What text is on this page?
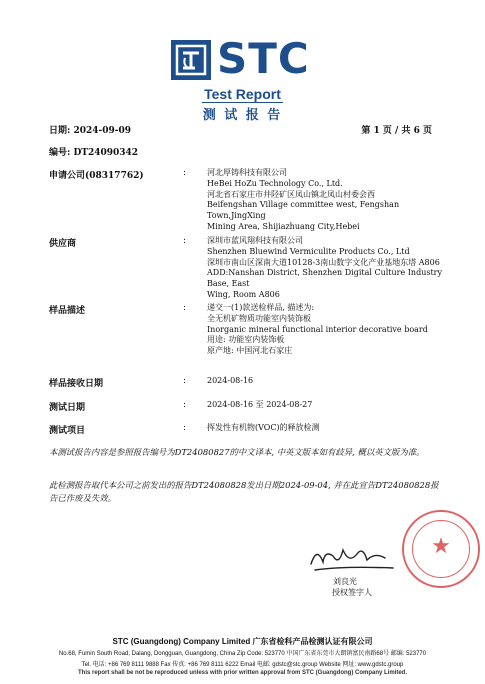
STC
Test Report
测 试 报 告
日期: 2024-09-09	第 1 页 / 共 6 页
编号: DT24090342
申请公司(08317762)	:	河北厚铸科技有限公司
HeBei HoZu Technology Co., Ltd.
河北省石家庄市井陉矿区凤山镇北凤山村委会西
Beifengshan Village committee west, Fengshan Town,JingXing
Mining Area, Shijiazhuang City,Hebei
供应商	:	深圳市蓝风翔科技有限公司
Shenzhen Bluewind Vermiculite Products Co., Ltd
深圳市南山区深南大道10128-3南山数字文化产业基地东塔 A806
ADD:Nanshan District, Shenzhen Digital Culture Industry Base, East
Wing, Room A806
样品描述	:	递交一(1)款送检样品, 描述为:
全无机矿物质功能室内装饰板
Inorganic mineral functional interior decorative board
用途: 功能室内装饰板
原产地: 中国河北石家庄
样品接收日期	:	2024-08-16
测试日期	:	2024-08-16 至 2024-08-27
测试项目	:	挥发性有机物(VOC)的释放检测
本测试报告内容是参照报告编号为DT24080827的中文译本, 中英文版本如有歧异, 概以英文版为准。
此检测报告取代本公司之前发出的报告DT24080828发出日期2024-09-04, 并在此宣告DT24080828报告已作废及失效。
★
刘良光
授权签字人
STC (Guangdong) Company Limited 广东省检科产品检测认证有限公司
No.68, Fumin South Road, Dalang, Dongguan, Guangdong, China Zip Code: 523770 中国广东省东莞市大朗镇富民南路68号 邮编: 523770
Tel. 电话: +86 769 8111 9888 Fax 传真: +86 769 8111 6222 Email 电邮: gdstc@stc.group Website 网址: www.gdstc.group
This report shall be not be reproduced unless with prior written approval from STC (Guangdong) Company Limited.
